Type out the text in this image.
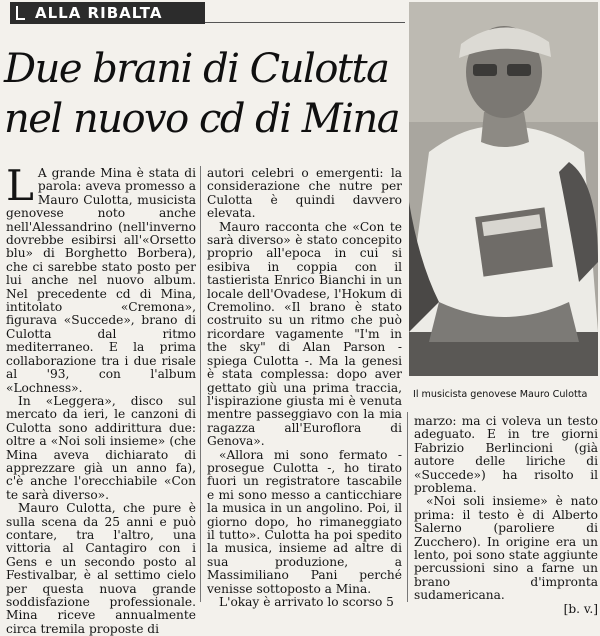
ALLA RIBALTA
Due brani di Culotta
nel nuovo cd di Mina
Il musicista genovese Mauro Culotta

L A grande Mina è stata di parola: aveva promesso a Mauro Culotta, musicista genovese noto anche nell'Alessandrino (nell'inverno dovrebbe esibirsi all'«Orsetto blu» di Borghetto Borbera), che ci sarebbe stato posto per lui anche nel nuovo album. Nel precedente cd di Mina, intitolato «Cremona», figurava «Succede», brano di Culotta dal ritmo mediterraneo. E la prima collaborazione tra i due risale al '93, con l'album «Lochness».

In «Leggera», disco sul mercato da ieri, le canzoni di Culotta sono addirittura due: oltre a «Noi soli insieme» (che Mina aveva dichiarato di apprezzare già un anno fa), c'è anche l'orecchiabile «Con te sarà diverso».

Mauro Culotta, che pure è sulla scena da 25 anni e può contare, tra l'altro, una vittoria al Cantagiro con i Gens e un secondo posto al Festivalbar, è al settimo cielo per questa nuova grande soddisfazione professionale. Mina riceve annualmente circa tremila proposte di

autori celebri o emergenti: la considerazione che nutre per Culotta è quindi davvero elevata.

Mauro racconta che «Con te sarà diverso» è stato concepito proprio all'epoca in cui si esibiva in coppia con il tastierista Enrico Bianchi in un locale dell'Ovadese, l'Hokum di Cremolino. «Il brano è stato costruito su un ritmo che può ricordare vagamente "I'm in the sky" di Alan Parson - spiega Culotta -. Ma la genesi è stata complessa: dopo aver gettato giù una prima traccia, l'ispirazione giusta mi è venuta mentre passeggiavo con la mia ragazza all'Euroflora di Genova».

«Allora mi sono fermato - prosegue Culotta -, ho tirato fuori un registratore tascabile e mi sono messo a canticchiare la musica in un angolino. Poi, il giorno dopo, ho rimaneggiato il tutto». Culotta ha poi spedito la musica, insieme ad altre di sua produzione, a Massimiliano Pani perché venisse sottoposto a Mina.

L'okay è arrivato lo scorso 5

marzo: ma ci voleva un testo adeguato. E in tre giorni Fabrizio Berlincioni (già autore delle liriche di «Succede») ha risolto il problema.

«Noi soli insieme» è nato prima: il testo è di Alberto Salerno (paroliere di Zucchero). In origine era un lento, poi sono state aggiunte percussioni sino a farne un brano d'impronta sudamericana.

[b. v.]
